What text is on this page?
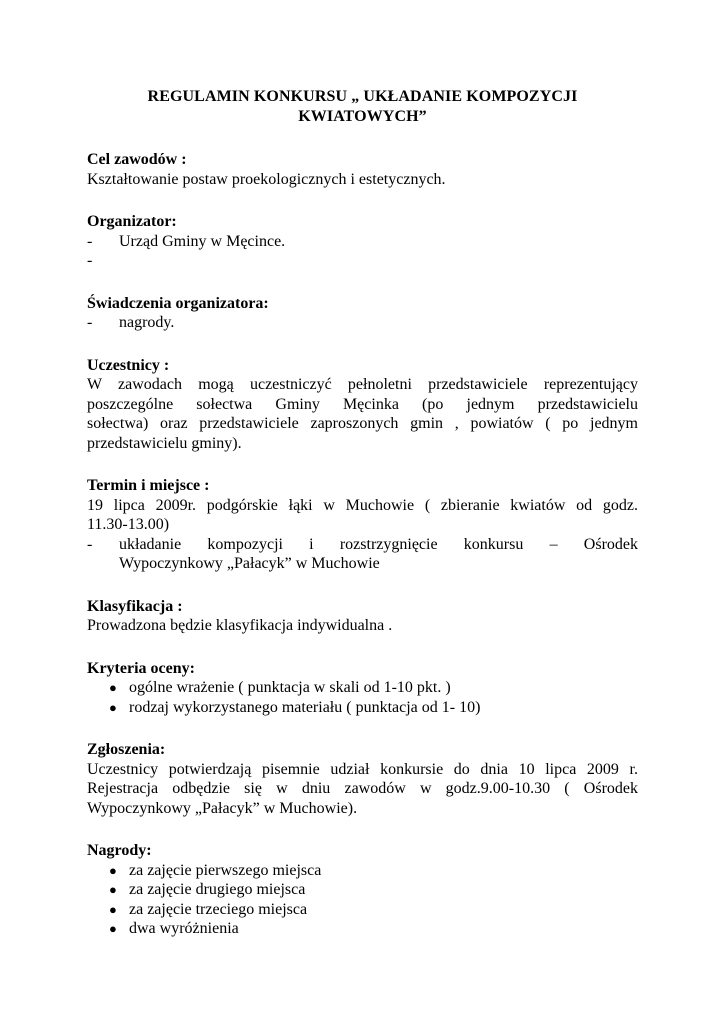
REGULAMIN KONKURSU „ UKŁADANIE KOMPOZYCJI

KWIATOWYCH”

Cel zawodów :

Kształtowanie postaw proekologicznych i estetycznych.

Organizator:

- Urząd Gminy w Męcince.

-

Świadczenia organizatora:

- nagrody.

Uczestnicy :

W zawodach mogą uczestniczyć pełnoletni przedstawiciele reprezentujący

poszczególne sołectwa Gminy Męcinka (po jednym przedstawicielu

sołectwa) oraz przedstawiciele zaproszonych gmin , powiatów ( po jednym

przedstawicielu gminy).

Termin i miejsce :

19 lipca 2009r. podgórskie łąki w Muchowie ( zbieranie kwiatów od godz.

11.30-13.00)

- układanie kompozycji i rozstrzygnięcie konkursu – Ośrodek

Wypoczynkowy „Pałacyk” w Muchowie

Klasyfikacja :

Prowadzona będzie klasyfikacja indywidualna .

Kryteria oceny:

● ogólne wrażenie ( punktacja w skali od 1-10 pkt. )

● rodzaj wykorzystanego materiału ( punktacja od 1- 10)

Zgłoszenia:

Uczestnicy potwierdzają pisemnie udział konkursie do dnia 10 lipca 2009 r.

Rejestracja odbędzie się w dniu zawodów w godz.9.00-10.30 ( Ośrodek

Wypoczynkowy „Pałacyk” w Muchowie).

Nagrody:

● za zajęcie pierwszego miejsca

● za zajęcie drugiego miejsca

● za zajęcie trzeciego miejsca

● dwa wyróżnienia
